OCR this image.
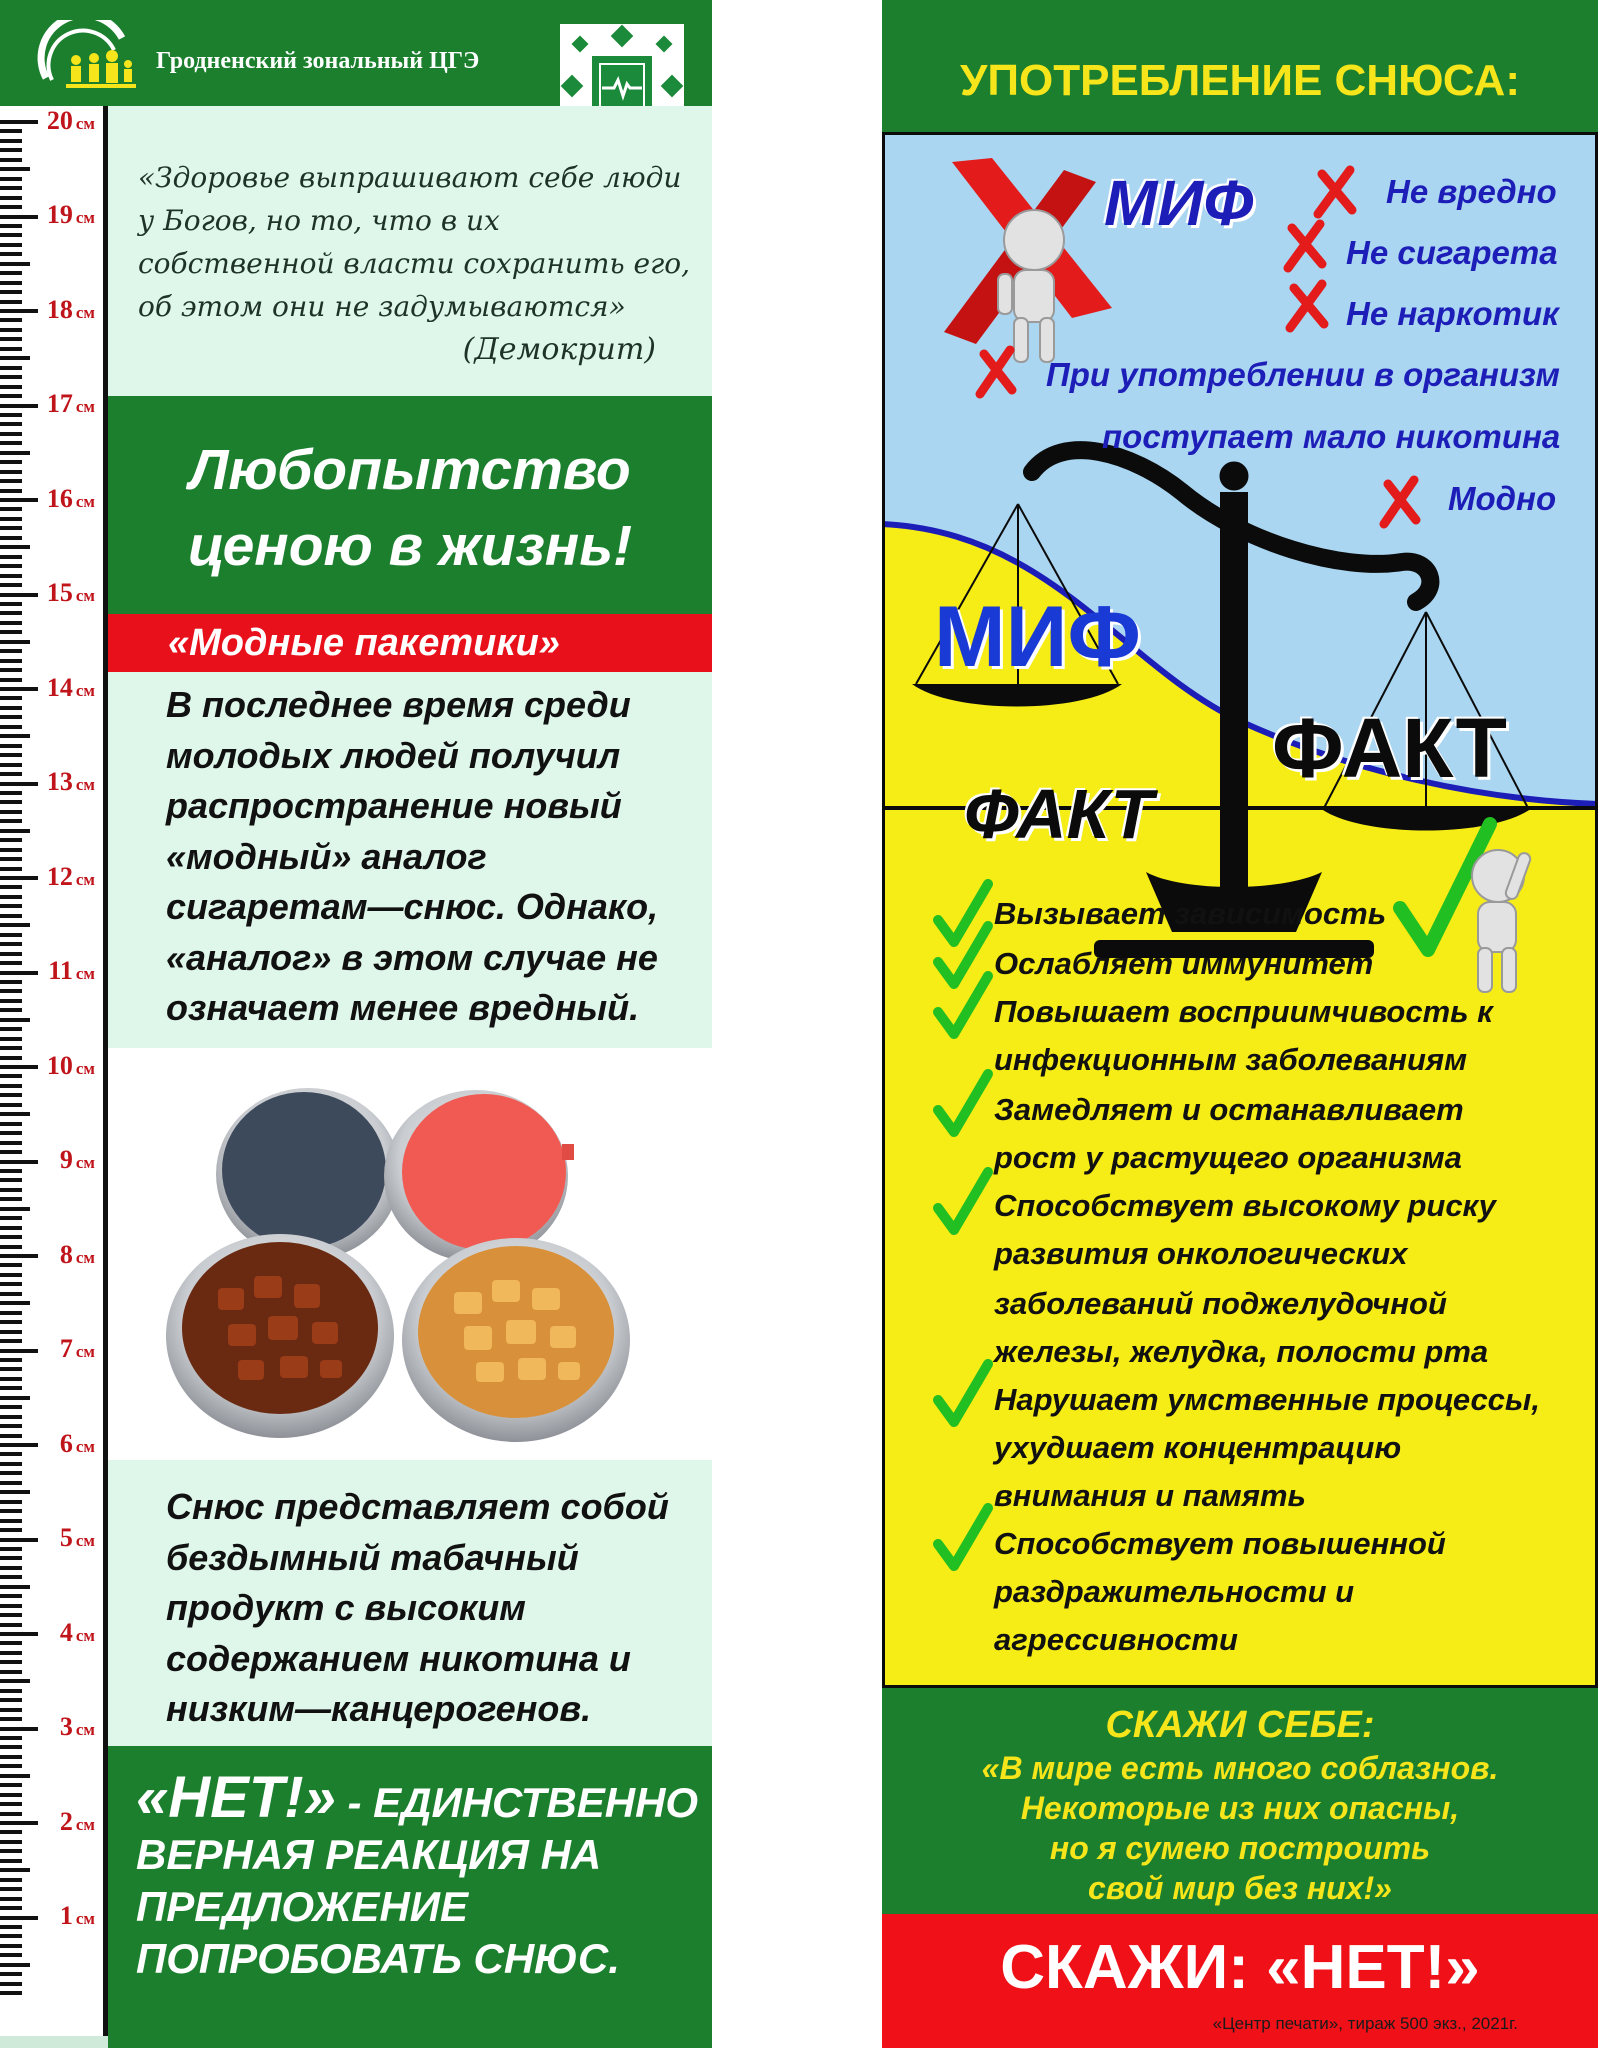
20 см
19 см
18 см
17 см
16 см
15 см
14 см
13 см
12 см
11 см
10 см
9 см
8 см
7 см
6 см
5 см
4 см
3 см
2 см
1 см
Гродненский зональный ЦГЭ
«Здоровье выпрашивают себе люди
у Богов, но то, что в их
собственной власти сохранить его,
об этом они не задумываются»
(Демокрит)
Любопытство
ценою в жизнь!
«Модные пакетики»
В последнее время среди
молодых людей получил
распространение новый
«модный» аналог
сигаретам—снюс. Однако,
«аналог» в этом случае не
означает менее вредный.
Снюс представляет собой
бездымный табачный
продукт с высоким
содержанием никотина и
низким—канцерогенов.
«НЕТ!» - ЕДИНСТВЕННО
ВЕРНАЯ РЕАКЦИЯ НА
ПРЕДЛОЖЕНИЕ
ПОПРОБОВАТЬ СНЮС.
УПОТРЕБЛЕНИЕ СНЮСА:
МИФ	Не вредно
Не сигарета
Не наркотик
При употреблении в организм
поступает мало никотина
Модно
МИФ
ФАКТ
ФАКТ
Вызывает зависимость
Ослабляет иммунитет
Повышает восприимчивость к
инфекционным заболеваниям
Замедляет и останавливает
рост у растущего организма
Способствует высокому риску
развития онкологических
заболеваний поджелудочной
железы, желудка, полости рта
Нарушает умственные процессы,
ухудшает концентрацию
внимания и память
Способствует повышенной
раздражительности и
агрессивности
СКАЖИ СЕБЕ:
«В мире есть много соблазнов.
Некоторые из них опасны,
но я сумею построить
свой мир без них!»
СКАЖИ: «НЕТ!»
«Центр печати», тираж 500 экз., 2021г.
